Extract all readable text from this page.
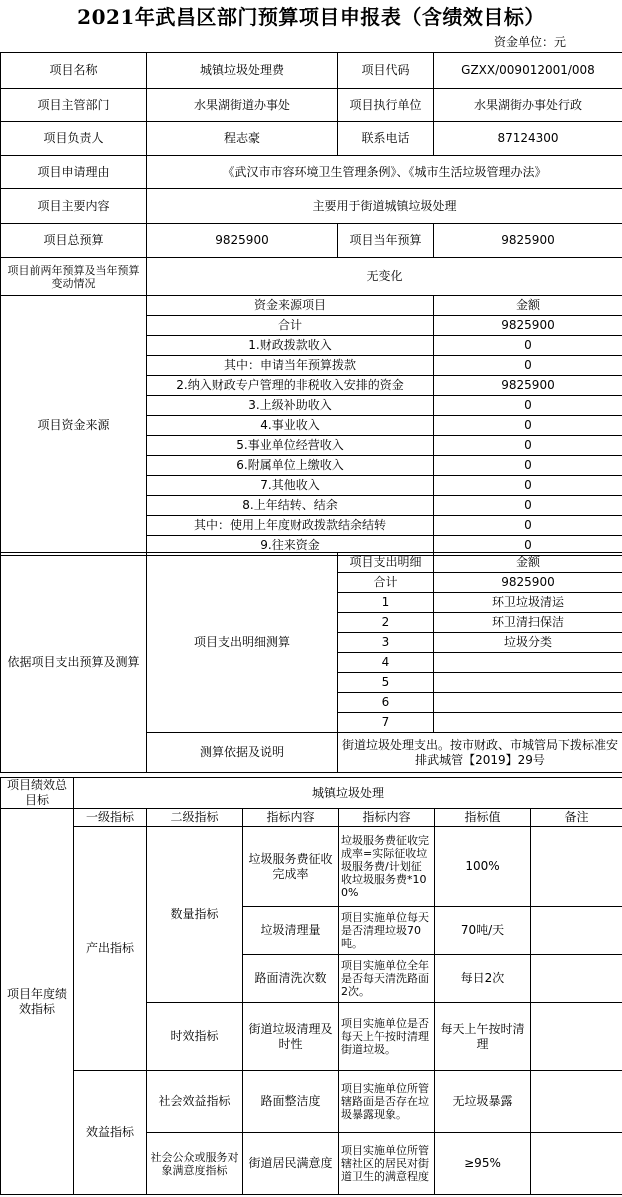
2021年武昌区部门预算项目申报表（含绩效目标）
资金单位：元
项目名称	城镇垃圾处理费	项目代码	GZXX/009012001/008
项目主管部门	水果湖街道办事处	项目执行单位	水果湖街办事处行政
项目负责人	程志豪	联系电话	87124300
项目申请理由	《武汉市市容环境卫生管理条例》、《城市生活垃圾管理办法》		
项目主要内容	主要用于街道城镇垃圾处理		
项目总预算	9825900	项目当年预算	9825900
项目前两年预算及当年预算变动情况	无变化		
项目资金来源	资金来源项目		金额
	合计		9825900
	1.财政拨款收入		0
	其中：申请当年预算拨款		0
	2.纳入财政专户管理的非税收入安排的资金		9825900
	3.上级补助收入		0
	4.事业收入		0
	5.事业单位经营收入		0
	6.附属单位上缴收入		0
	7.其他收入		0
	8.上年结转、结余		0
	其中：使用上年度财政拨款结余结转		0
	9.往来资金		0
依据项目支出预算及测算	项目支出明细测算	项目支出明细	金额
		合计	9825900
		1	环卫垃圾清运
		2	环卫清扫保洁
		3	垃圾分类
		4	
		5	
		6	
		7	
	测算依据及说明	街道垃圾处理支出。按市财政、市城管局下拨标准安排武城管【2019】29号	
项目绩效总目标	城镇垃圾处理					
项目年度绩效指标	一级指标	二级指标	指标内容	指标内容	指标值	备注
	产出指标	数量指标	垃圾服务费征收完成率	垃圾服务费征收完成率=实际征收垃圾服务费/计划征收垃圾服务费*100%	100%	
			垃圾清理量	项目实施单位每天是否清理垃圾70吨。	70吨/天	
			路面清洗次数	项目实施单位全年是否每天清洗路面2次。	每日2次	
		时效指标	街道垃圾清理及时性	项目实施单位是否每天上午按时清理街道垃圾。	每天上午按时清理	
	效益指标	社会效益指标	路面整洁度	项目实施单位所管辖路面是否存在垃圾暴露现象。	无垃圾暴露	
		社会公众或服务对象满意度指标	街道居民满意度	项目实施单位所管辖社区的居民对街道卫生的满意程度	≥95%	
